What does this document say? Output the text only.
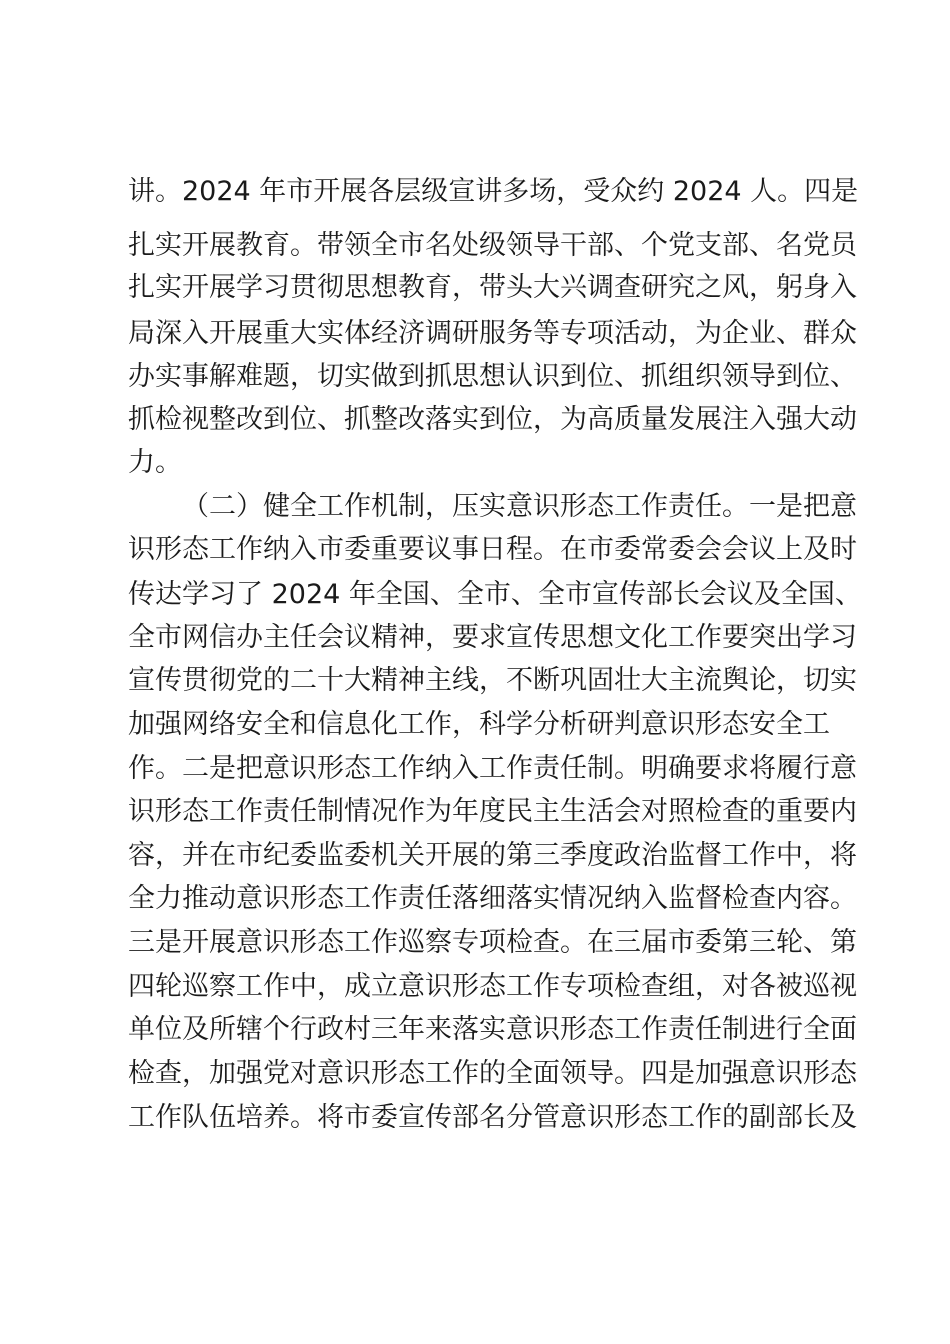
讲。2024 年市开展各层级宣讲多场，受众约 2024 人。四是
扎实开展教育。带领全市名处级领导干部、个党支部、名党员
扎实开展学习贯彻思想教育，带头大兴调查研究之风，躬身入
局深入开展重大实体经济调研服务等专项活动，为企业、群众
办实事解难题，切实做到抓思想认识到位、抓组织领导到位、
抓检视整改到位、抓整改落实到位，为高质量发展注入强大动
力。
（二）健全工作机制，压实意识形态工作责任。一是把意
识形态工作纳入市委重要议事日程。在市委常委会会议上及时
传达学习了 2024 年全国、全市、全市宣传部长会议及全国、
全市网信办主任会议精神，要求宣传思想文化工作要突出学习
宣传贯彻党的二十大精神主线，不断巩固壮大主流舆论，切实
加强网络安全和信息化工作，科学分析研判意识形态安全工
作。二是把意识形态工作纳入工作责任制。明确要求将履行意
识形态工作责任制情况作为年度民主生活会对照检查的重要内
容，并在市纪委监委机关开展的第三季度政治监督工作中，将
全力推动意识形态工作责任落细落实情况纳入监督检查内容。
三是开展意识形态工作巡察专项检查。在三届市委第三轮、第
四轮巡察工作中，成立意识形态工作专项检查组，对各被巡视
单位及所辖个行政村三年来落实意识形态工作责任制进行全面
检查，加强党对意识形态工作的全面领导。四是加强意识形态
工作队伍培养。将市委宣传部名分管意识形态工作的副部长及
